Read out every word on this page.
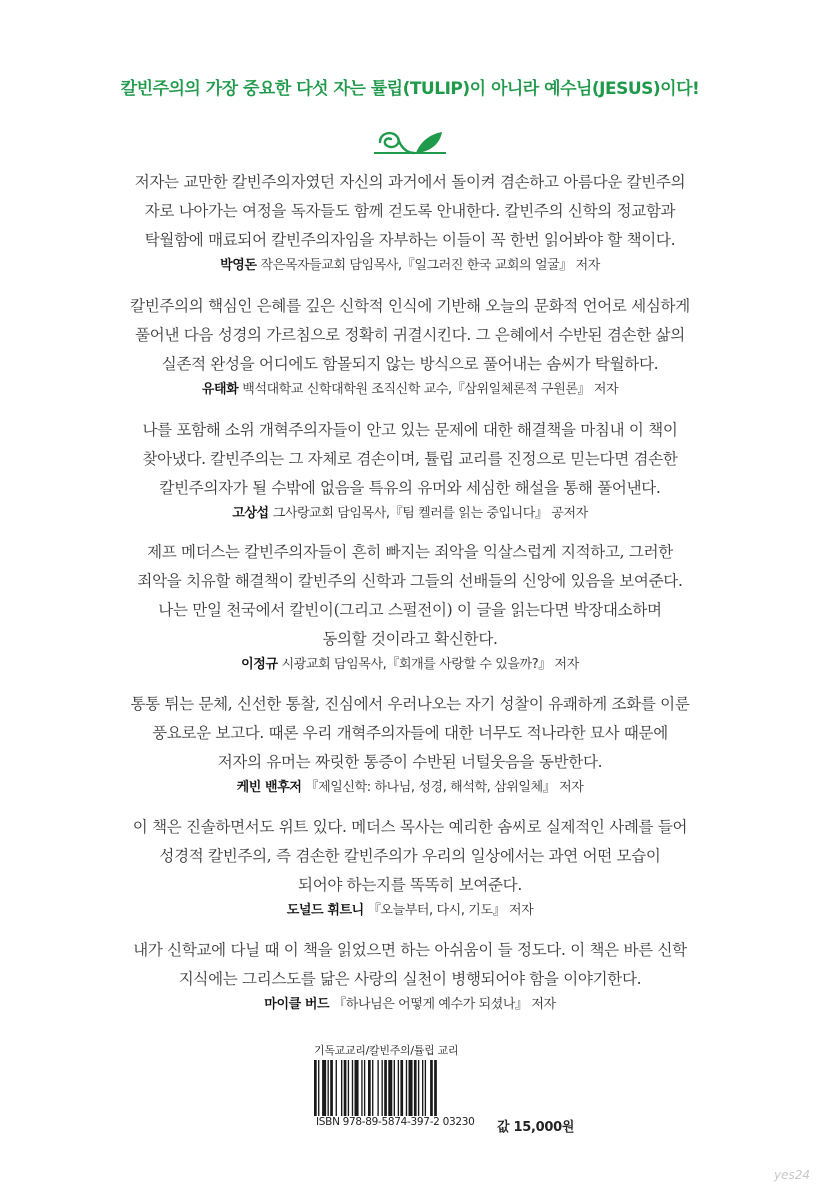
칼빈주의의 가장 중요한 다섯 자는 튤립(TULIP)이 아니라 예수님(JESUS)이다!
저자는 교만한 칼빈주의자였던 자신의 과거에서 돌이켜 겸손하고 아름다운 칼빈주의
자로 나아가는 여정을 독자들도 함께 걷도록 안내한다. 칼빈주의 신학의 정교함과
탁월함에 매료되어 칼빈주의자임을 자부하는 이들이 꼭 한번 읽어봐야 할 책이다.
박영돈 작은목자들교회 담임목사,『일그러진 한국 교회의 얼굴』 저자
칼빈주의의 핵심인 은혜를 깊은 신학적 인식에 기반해 오늘의 문화적 언어로 세심하게
풀어낸 다음 성경의 가르침으로 정확히 귀결시킨다. 그 은혜에서 수반된 겸손한 삶의
실존적 완성을 어디에도 함몰되지 않는 방식으로 풀어내는 솜씨가 탁월하다.
유태화 백석대학교 신학대학원 조직신학 교수,『삼위일체론적 구원론』 저자
나를 포함해 소위 개혁주의자들이 안고 있는 문제에 대한 해결책을 마침내 이 책이
찾아냈다. 칼빈주의는 그 자체로 겸손이며, 튤립 교리를 진정으로 믿는다면 겸손한
칼빈주의자가 될 수밖에 없음을 특유의 유머와 세심한 해설을 통해 풀어낸다.
고상섭 그사랑교회 담임목사,『팀 켈러를 읽는 중입니다』 공저자
제프 메더스는 칼빈주의자들이 흔히 빠지는 죄악을 익살스럽게 지적하고, 그러한
죄악을 치유할 해결책이 칼빈주의 신학과 그들의 선배들의 신앙에 있음을 보여준다.
나는 만일 천국에서 칼빈이(그리고 스펄전이) 이 글을 읽는다면 박장대소하며
동의할 것이라고 확신한다.
이정규 시광교회 담임목사,『회개를 사랑할 수 있을까?』 저자
통통 튀는 문체, 신선한 통찰, 진심에서 우러나오는 자기 성찰이 유쾌하게 조화를 이룬
풍요로운 보고다. 때론 우리 개혁주의자들에 대한 너무도 적나라한 묘사 때문에
저자의 유머는 짜릿한 통증이 수반된 너털웃음을 동반한다.
케빈 밴후저 『제일신학: 하나님, 성경, 해석학, 삼위일체』 저자
이 책은 진솔하면서도 위트 있다. 메더스 목사는 예리한 솜씨로 실제적인 사례를 들어
성경적 칼빈주의, 즉 겸손한 칼빈주의가 우리의 일상에서는 과연 어떤 모습이
되어야 하는지를 똑똑히 보여준다.
도널드 휘트니 『오늘부터, 다시, 기도』 저자
내가 신학교에 다닐 때 이 책을 읽었으면 하는 아쉬움이 들 정도다. 이 책은 바른 신학
지식에는 그리스도를 닮은 사랑의 실천이 병행되어야 함을 이야기한다.
마이클 버드 『하나님은 어떻게 예수가 되셨나』 저자
기독교교리/칼빈주의/튤립 교리
ISBN 978-89-5874-397-2 03230	값 15,000원
yes24
